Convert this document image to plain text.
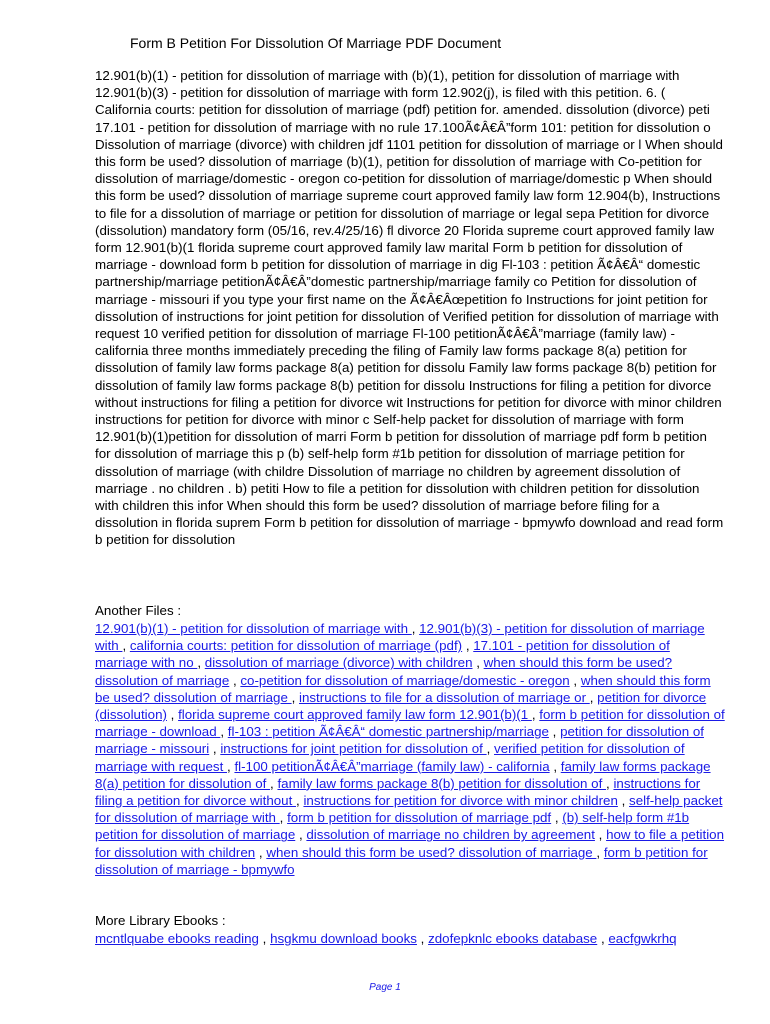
Form B Petition For Dissolution Of Marriage PDF Document
12.901(b)(1) - petition for dissolution of marriage with (b)(1), petition for dissolution of marriage with 12.901(b)(3) - petition for dissolution of marriage with form 12.902(j), is filed with this petition. 6. ( California courts: petition for dissolution of marriage (pdf) petition for. amended. dissolution (divorce) peti 17.101 - petition for dissolution of marriage with no rule 17.100Ã¢Â€Â”form 101: petition for dissolution o Dissolution of marriage (divorce) with children jdf 1101 petition for dissolution of marriage or l When should this form be used? dissolution of marriage (b)(1), petition for dissolution of marriage with Co-petition for dissolution of marriage/domestic - oregon co-petition for dissolution of marriage/domestic p When should this form be used? dissolution of marriage supreme court approved family law form 12.904(b), Instructions to file for a dissolution of marriage or petition for dissolution of marriage or legal sepa Petition for divorce (dissolution) mandatory form (05/16, rev.4/25/16) fl divorce 20 Florida supreme court approved family law form 12.901(b)(1 florida supreme court approved family law marital Form b petition for dissolution of marriage - download form b petition for dissolution of marriage in dig Fl-103 : petition Ã¢Â€Â“ domestic partnership/marriage petitionÃ¢Â€Â”domestic partnership/marriage family co Petition for dissolution of marriage - missouri if you type your first name on the Ã¢Â€Âœpetition fo Instructions for joint petition for dissolution of instructions for joint petition for dissolution of Verified petition for dissolution of marriage with request 10 verified petition for dissolution of marriage Fl-100 petitionÃ¢Â€Â”marriage (family law) - california three months immediately preceding the filing of Family law forms package 8(a) petition for dissolution of family law forms package 8(a) petition for dissolu Family law forms package 8(b) petition for dissolution of family law forms package 8(b) petition for dissolu Instructions for filing a petition for divorce without instructions for filing a petition for divorce wit Instructions for petition for divorce with minor children instructions for petition for divorce with minor c Self-help packet for dissolution of marriage with form 12.901(b)(1)petition for dissolution of marri Form b petition for dissolution of marriage pdf form b petition for dissolution of marriage this p (b) self-help form #1b petition for dissolution of marriage petition for dissolution of marriage (with childre Dissolution of marriage no children by agreement dissolution of marriage . no children . b) petiti How to file a petition for dissolution with children petition for dissolution with children this infor When should this form be used? dissolution of marriage before filing for a dissolution in florida suprem Form b petition for dissolution of marriage - bpmywfo download and read form b petition for dissolution
Another Files :
12.901(b)(1) - petition for dissolution of marriage with , 12.901(b)(3) - petition for dissolution of marriage with , california courts: petition for dissolution of marriage (pdf) , 17.101 - petition for dissolution of marriage with no , dissolution of marriage (divorce) with children , when should this form be used? dissolution of marriage , co-petition for dissolution of marriage/domestic - oregon , when should this form be used? dissolution of marriage , instructions to file for a dissolution of marriage or , petition for divorce (dissolution) , florida supreme court approved family law form 12.901(b)(1 , form b petition for dissolution of marriage - download , fl-103 : petition Ã¢Â€Â“ domestic partnership/marriage , petition for dissolution of marriage - missouri , instructions for joint petition for dissolution of , verified petition for dissolution of marriage with request , fl-100 petitionÃ¢Â€Â”marriage (family law) - california , family law forms package 8(a) petition for dissolution of , family law forms package 8(b) petition for dissolution of , instructions for filing a petition for divorce without , instructions for petition for divorce with minor children , self-help packet for dissolution of marriage with , form b petition for dissolution of marriage pdf , (b) self-help form #1b petition for dissolution of marriage , dissolution of marriage no children by agreement , how to file a petition for dissolution with children , when should this form be used? dissolution of marriage , form b petition for dissolution of marriage - bpmywfo
More Library Ebooks :
mcntlquabe ebooks reading , hsgkmu download books , zdofepknlc ebooks database , eacfgwkrhq
Page 1
